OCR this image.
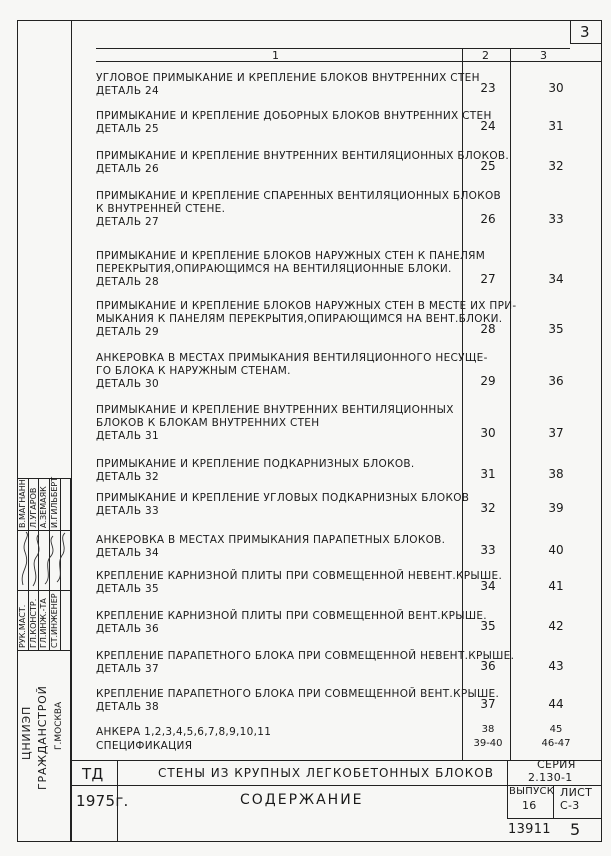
3
1	2	3
УГЛОВОЕ ПРИМЫКАНИЕ И КРЕПЛЕНИЕ БЛОКОВ ВНУТРЕННИХ СТЕН
ДЕТАЛЬ 24	23	30
ПРИМЫКАНИЕ И КРЕПЛЕНИЕ ДОБОРНЫХ БЛОКОВ ВНУТРЕННИХ СТЕН
ДЕТАЛЬ 25	24	31
ПРИМЫКАНИЕ И КРЕПЛЕНИЕ ВНУТРЕННИХ ВЕНТИЛЯЦИОННЫХ БЛОКОВ.
ДЕТАЛЬ 26	25	32
ПРИМЫКАНИЕ И КРЕПЛЕНИЕ СПАРЕННЫХ ВЕНТИЛЯЦИОННЫХ БЛОКОВ
К ВНУТРЕННЕЙ СТЕНЕ.
ДЕТАЛЬ 27	26	33
ПРИМЫКАНИЕ И КРЕПЛЕНИЕ БЛОКОВ НАРУЖНЫХ СТЕН К ПАНЕЛЯМ
ПЕРЕКРЫТИЯ,ОПИРАЮЩИМСЯ НА ВЕНТИЛЯЦИОННЫЕ БЛОКИ.
ДЕТАЛЬ 28	27	34
ПРИМЫКАНИЕ И КРЕПЛЕНИЕ БЛОКОВ НАРУЖНЫХ СТЕН В МЕСТЕ ИХ ПРИ-
МЫКАНИЯ К ПАНЕЛЯМ ПЕРЕКРЫТИЯ,ОПИРАЮЩИМСЯ НА ВЕНТ.БЛОКИ.
ДЕТАЛЬ 29	28	35
АНКЕРОВКА В МЕСТАХ ПРИМЫКАНИЯ ВЕНТИЛЯЦИОННОГО НЕСУЩЕ-
ГО БЛОКА К НАРУЖНЫМ СТЕНАМ.
ДЕТАЛЬ 30	29	36
ПРИМЫКАНИЕ И КРЕПЛЕНИЕ ВНУТРЕННИХ ВЕНТИЛЯЦИОННЫХ
БЛОКОВ К БЛОКАМ ВНУТРЕННИХ СТЕН
ДЕТАЛЬ 31	30	37
ПРИМЫКАНИЕ И КРЕПЛЕНИЕ ПОДКАРНИЗНЫХ БЛОКОВ.
ДЕТАЛЬ 32	31	38
ПРИМЫКАНИЕ И КРЕПЛЕНИЕ УГЛОВЫХ ПОДКАРНИЗНЫХ БЛОКОВ
ДЕТАЛЬ 33	32	39
АНКЕРОВКА В МЕСТАХ ПРИМЫКАНИЯ ПАРАПЕТНЫХ БЛОКОВ.
ДЕТАЛЬ 34	33	40
КРЕПЛЕНИЕ КАРНИЗНОЙ ПЛИТЫ ПРИ СОВМЕЩЕННОЙ НЕВЕНТ.КРЫШЕ.
ДЕТАЛЬ 35	34	41
КРЕПЛЕНИЕ КАРНИЗНОЙ ПЛИТЫ ПРИ СОВМЕЩЕННОЙ ВЕНТ.КРЫШЕ.
ДЕТАЛЬ 36	35	42
КРЕПЛЕНИЕ ПАРАПЕТНОГО БЛОКА ПРИ СОВМЕЩЕННОЙ НЕВЕНТ.КРЫШЕ.
ДЕТАЛЬ 37	36	43
КРЕПЛЕНИЕ ПАРАПЕТНОГО БЛОКА ПРИ СОВМЕЩЕННОЙ ВЕНТ.КРЫШЕ.
ДЕТАЛЬ 38	37	44
АНКЕРА 1,2,3,4,5,6,7,8,9,10,11	38	45
СПЕЦИФИКАЦИЯ	39-40	46-47
РУК.МАСТ. ГЛ.КОНСТР. ГЛ.ИНЖ.-ТА СТ.ИНЖЕНЕР
В.МАГНАНН Л.УГАРОВ А.ЗЕМАЯК И.ГИЛЬБЕРТ
ЦНИИЭП ГРАЖДАНСТРОЙ Г.МОСКВА
ТД
1975г.
СТЕНЫ ИЗ КРУПНЫХ ЛЕГКОБЕТОННЫХ БЛОКОВ
СОДЕРЖАНИЕ
СЕРИЯ
2.130-1
ВЫПУСК
16
ЛИСТ
С-3
13911 5
